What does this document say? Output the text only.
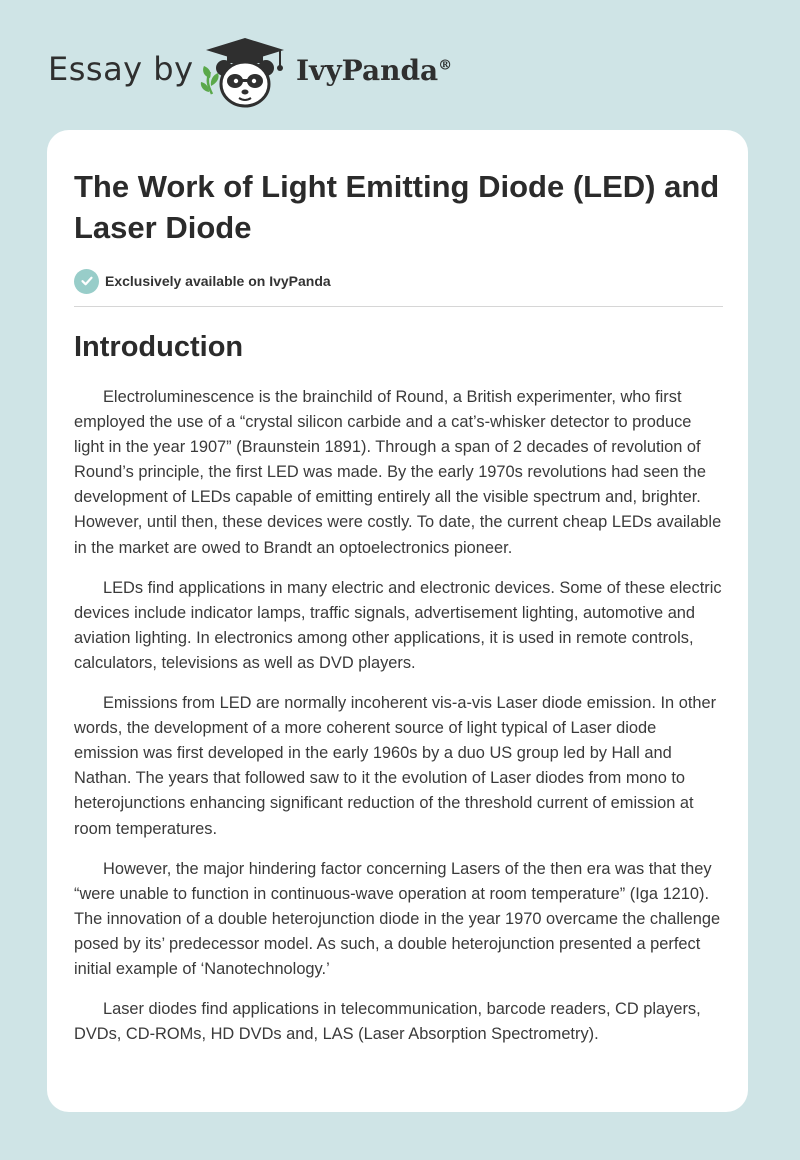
Essay by	IvyPanda®
The Work of Light Emitting Diode (LED) and Laser Diode
Exclusively available on IvyPanda
Introduction

Electroluminescence is the brainchild of Round, a British experimenter, who first employed the use of a “crystal silicon carbide and a cat’s-whisker detector to produce light in the year 1907” (Braunstein 1891). Through a span of 2 decades of revolution of Round’s principle, the first LED was made. By the early 1970s revolutions had seen the development of LEDs capable of emitting entirely all the visible spectrum and, brighter. However, until then, these devices were costly. To date, the current cheap LEDs available in the market are owed to Brandt an optoelectronics pioneer.

LEDs find applications in many electric and electronic devices. Some of these electric devices include indicator lamps, traffic signals, advertisement lighting, automotive and aviation lighting. In electronics among other applications, it is used in remote controls, calculators, televisions as well as DVD players.

Emissions from LED are normally incoherent vis-a-vis Laser diode emission. In other words, the development of a more coherent source of light typical of Laser diode emission was first developed in the early 1960s by a duo US group led by Hall and Nathan. The years that followed saw to it the evolution of Laser diodes from mono to heterojunctions enhancing significant reduction of the threshold current of emission at room temperatures.

However, the major hindering factor concerning Lasers of the then era was that they “were unable to function in continuous-wave operation at room temperature” (Iga 1210). The innovation of a double heterojunction diode in the year 1970 overcame the challenge posed by its’ predecessor model. As such, a double heterojunction presented a perfect initial example of ‘Nanotechnology.’

Laser diodes find applications in telecommunication, barcode readers, CD players, DVDs, CD-ROMs, HD DVDs and, LAS (Laser Absorption Spectrometry).
